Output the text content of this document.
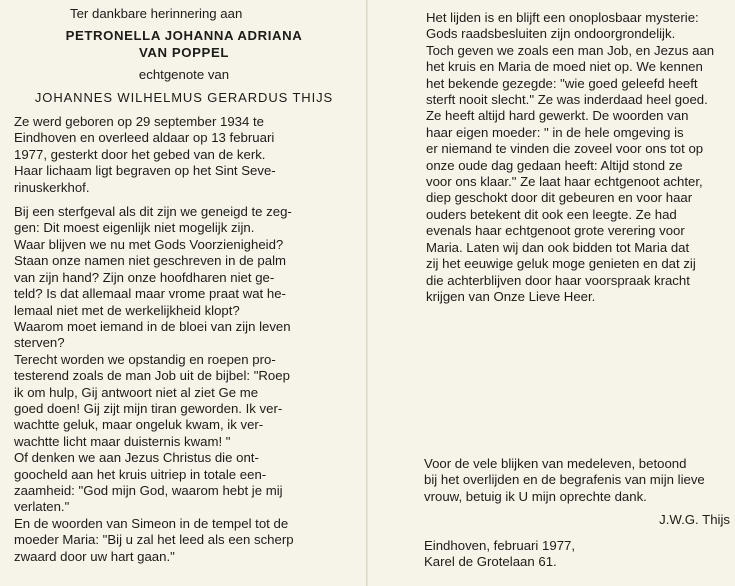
Ter dankbare herinnering aan
PETRONELLA JOHANNA ADRIANA
VAN POPPEL
echtgenote van
JOHANNES WILHELMUS GERARDUS THIJS
Ze werd geboren op 29 september 1934 te
Eindhoven en overleed aldaar op 13 februari
1977, gesterkt door het gebed van de kerk.
Haar lichaam ligt begraven op het Sint Seve-
rinuskerkhof.
Bij een sterfgeval als dit zijn we geneigd te zeg-
gen: Dit moest eigenlijk niet mogelijk zijn.
Waar blijven we nu met Gods Voorzienigheid?
Staan onze namen niet geschreven in de palm
van zijn hand? Zijn onze hoofdharen niet ge-
teld? Is dat allemaal maar vrome praat wat he-
lemaal niet met de werkelijkheid klopt?
Waarom moet iemand in de bloei van zijn leven
sterven?
Terecht worden we opstandig en roepen pro-
testerend zoals de man Job uit de bijbel: "Roep
ik om hulp, Gij antwoort niet al ziet Ge me
goed doen! Gij zijt mijn tiran geworden. Ik ver-
wachtte geluk, maar ongeluk kwam, ik ver-
wachtte licht maar duisternis kwam! "
Of denken we aan Jezus Christus die ont-
goocheld aan het kruis uitriep in totale een-
zaamheid: "God mijn God, waarom hebt je mij
verlaten."
En de woorden van Simeon in de tempel tot de
moeder Maria: "Bij u zal het leed als een scherp
zwaard door uw hart gaan."
Het lijden is en blijft een onoplosbaar mysterie:
Gods raadsbesluiten zijn ondoorgrondelijk.
Toch geven we zoals een man Job, en Jezus aan
het kruis en Maria de moed niet op. We kennen
het bekende gezegde: "wie goed geleefd heeft
sterft nooit slecht." Ze was inderdaad heel goed.
Ze heeft altijd hard gewerkt. De woorden van
haar eigen moeder: " in de hele omgeving is
er niemand te vinden die zoveel voor ons tot op
onze oude dag gedaan heeft: Altijd stond ze
voor ons klaar." Ze laat haar echtgenoot achter,
diep geschokt door dit gebeuren en voor haar
ouders betekent dit ook een leegte. Ze had
evenals haar echtgenoot grote verering voor
Maria. Laten wij dan ook bidden tot Maria dat
zij het eeuwige geluk moge genieten en dat zij
die achterblijven door haar voorspraak kracht
krijgen van Onze Lieve Heer.
Voor de vele blijken van medeleven, betoond
bij het overlijden en de begrafenis van mijn lieve
vrouw, betuig ik U mijn oprechte dank.
J.W.G. Thijs
Eindhoven, februari 1977,
Karel de Grotelaan 61.
